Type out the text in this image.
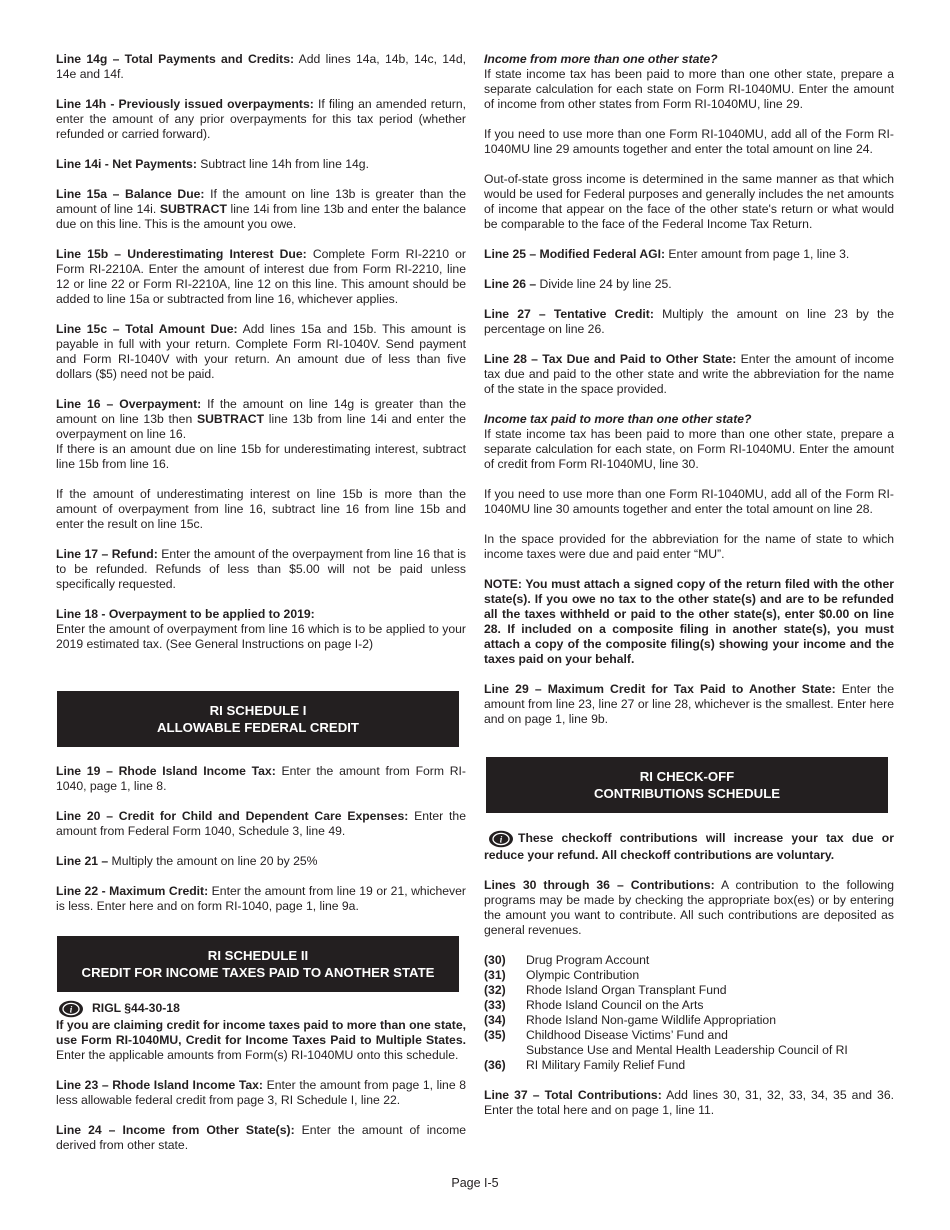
Line 14g – Total Payments and Credits: Add lines 14a, 14b, 14c, 14d, 14e and 14f.

Line 14h - Previously issued overpayments: If filing an amended return, enter the amount of any prior overpayments for this tax period (whether refunded or carried forward).

Line 14i - Net Payments: Subtract line 14h from line 14g.

Line 15a – Balance Due: If the amount on line 13b is greater than the amount of line 14i. SUBTRACT line 14i from line 13b and enter the balance due on this line. This is the amount you owe.

Line 15b – Underestimating Interest Due: Complete Form RI-2210 or Form RI-2210A. Enter the amount of interest due from Form RI-2210, line 12 or line 22 or Form RI-2210A, line 12 on this line. This amount should be added to line 15a or subtracted from line 16, whichever applies.

Line 15c – Total Amount Due: Add lines 15a and 15b. This amount is payable in full with your return. Complete Form RI-1040V. Send payment and Form RI-1040V with your return. An amount due of less than five dollars ($5) need not be paid.

Line 16 – Overpayment: If the amount on line 14g is greater than the amount on line 13b then SUBTRACT line 13b from line 14i and enter the overpayment on line 16.

If there is an amount due on line 15b for underestimating interest, subtract line 15b from line 16.

If the amount of underestimating interest on line 15b is more than the amount of overpayment from line 16, subtract line 16 from line 15b and enter the result on line 15c.

Line 17 – Refund: Enter the amount of the overpayment from line 16 that is to be refunded. Refunds of less than $5.00 will not be paid unless specifically requested.

Line 18 - Overpayment to be applied to 2019:
Enter the amount of overpayment from line 16 which is to be applied to your 2019 estimated tax. (See General Instructions on page I-2)

RI SCHEDULE I
ALLOWABLE FEDERAL CREDIT

Line 19 – Rhode Island Income Tax: Enter the amount from Form RI-1040, page 1, line 8.

Line 20 – Credit for Child and Dependent Care Expenses: Enter the amount from Federal Form 1040, Schedule 3, line 49.

Line 21 – Multiply the amount on line 20 by 25%

Line 22 - Maximum Credit: Enter the amount from line 19 or 21, whichever is less. Enter here and on form RI-1040, page 1, line 9a.

RI SCHEDULE II
CREDIT FOR INCOME TAXES PAID TO ANOTHER STATE

i RIGL §44-30-18
If you are claiming credit for income taxes paid to more than one state, use Form RI-1040MU, Credit for Income Taxes Paid to Multiple States. Enter the applicable amounts from Form(s) RI-1040MU onto this schedule.

Line 23 – Rhode Island Income Tax: Enter the amount from page 1, line 8 less allowable federal credit from page 3, RI Schedule I, line 22.

Line 24 – Income from Other State(s): Enter the amount of income derived from other state.

Income from more than one other state?
If state income tax has been paid to more than one other state, prepare a separate calculation for each state on Form RI-1040MU. Enter the amount of income from other states from Form RI-1040MU, line 29.

If you need to use more than one Form RI-1040MU, add all of the Form RI-1040MU line 29 amounts together and enter the total amount on line 24.

Out-of-state gross income is determined in the same manner as that which would be used for Federal purposes and generally includes the net amounts of income that appear on the face of the other state's return or what would be comparable to the face of the Federal Income Tax Return.

Line 25 – Modified Federal AGI: Enter amount from page 1, line 3.

Line 26 – Divide line 24 by line 25.

Line 27 – Tentative Credit: Multiply the amount on line 23 by the percentage on line 26.

Line 28 – Tax Due and Paid to Other State: Enter the amount of income tax due and paid to the other state and write the abbreviation for the name of the state in the space provided.

Income tax paid to more than one other state?
If state income tax has been paid to more than one other state, prepare a separate calculation for each state, on Form RI-1040MU. Enter the amount of credit from Form RI-1040MU, line 30.

If you need to use more than one Form RI-1040MU, add all of the Form RI-1040MU line 30 amounts together and enter the total amount on line 28.

In the space provided for the abbreviation for the name of state to which income taxes were due and paid enter “MU”.

NOTE: You must attach a signed copy of the return filed with the other state(s). If you owe no tax to the other state(s) and are to be refunded all the taxes withheld or paid to the other state(s), enter $0.00 on line 28. If included on a composite filing in another state(s), you must attach a copy of the composite filing(s) showing your income and the taxes paid on your behalf.

Line 29 – Maximum Credit for Tax Paid to Another State: Enter the amount from line 23, line 27 or line 28, whichever is the smallest. Enter here and on page 1, line 9b.

RI CHECK-OFF
CONTRIBUTIONS SCHEDULE

i These checkoff contributions will increase your tax due or reduce your refund. All checkoff contributions are voluntary.

Lines 30 through 36 – Contributions: A contribution to the following programs may be made by checking the appropriate box(es) or by entering the amount you want to contribute. All such contributions are deposited as general revenues.

(30)	Drug Program Account
(31)	Olympic Contribution
(32)	Rhode Island Organ Transplant Fund
(33)	Rhode Island Council on the Arts
(34)	Rhode Island Non-game Wildlife Appropriation
(35)	Childhood Disease Victims’ Fund and
Substance Use and Mental Health Leadership Council of RI
(36)	RI Military Family Relief Fund

Line 37 – Total Contributions: Add lines 30, 31, 32, 33, 34, 35 and 36. Enter the total here and on page 1, line 11.

Page I-5
